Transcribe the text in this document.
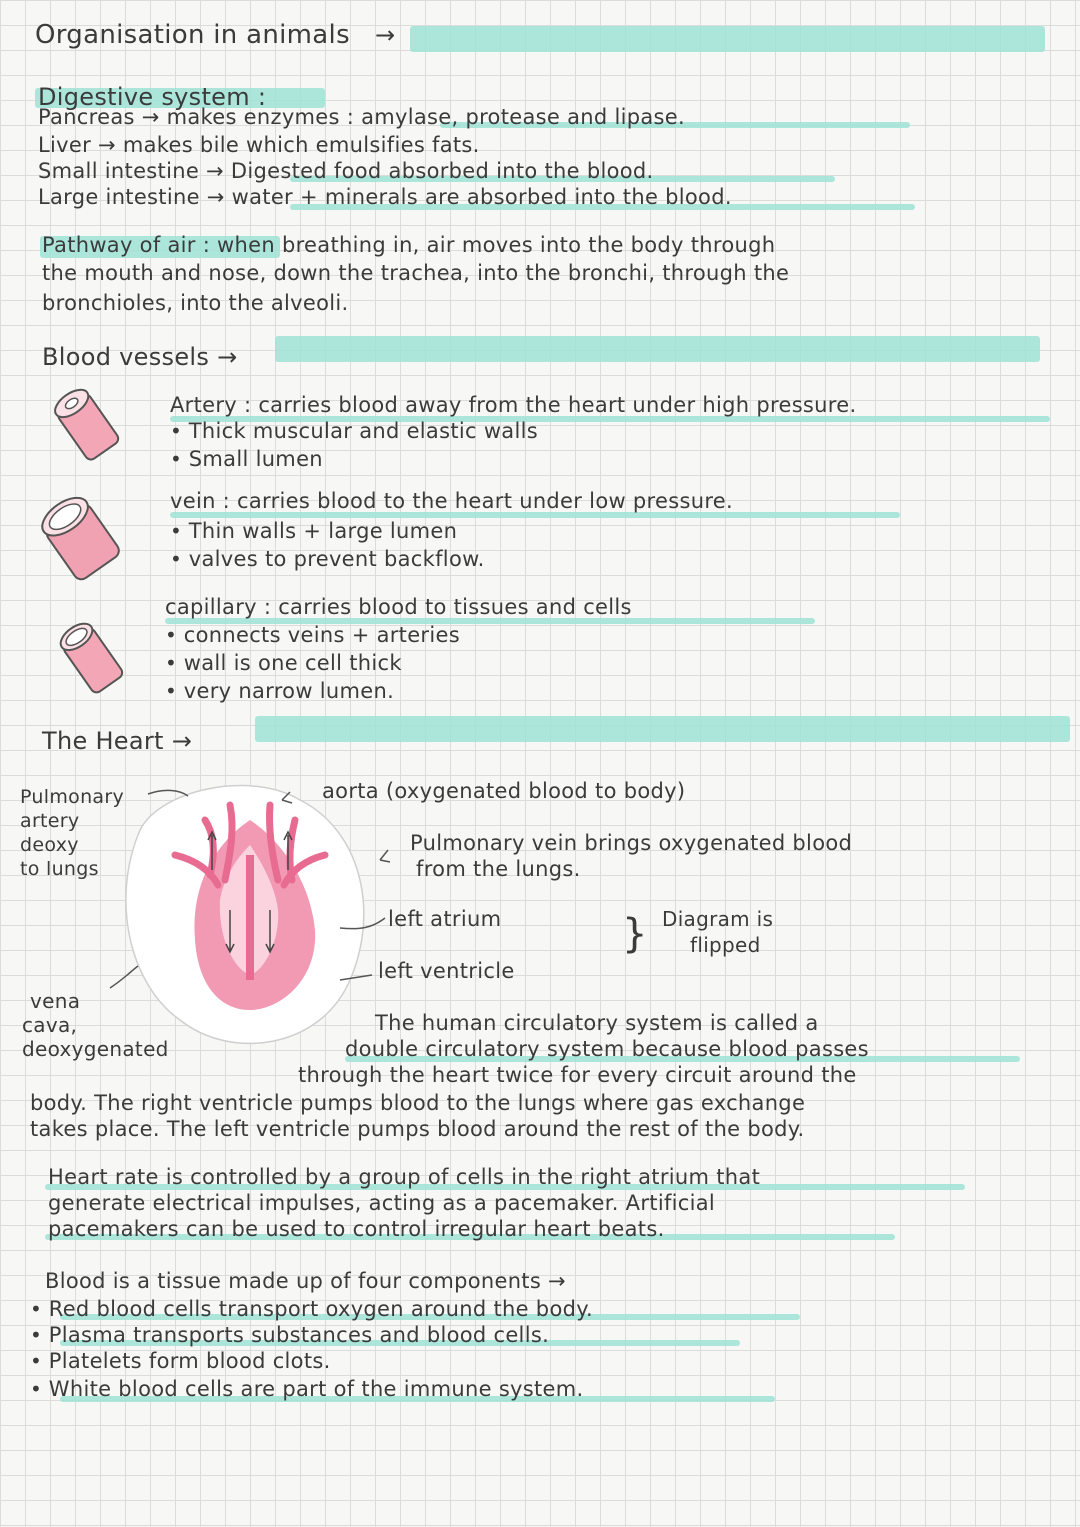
Organisation in animals →
Digestive system :
Pancreas → makes enzymes : amylase, protease and lipase.
Liver → makes bile which emulsifies fats.
Small intestine → Digested food absorbed into the blood.
Large intestine → water + minerals are absorbed into the blood.
Pathway of air : when breathing in, air moves into the body through
the mouth and nose, down the trachea, into the bronchi, through the
bronchioles, into the alveoli.
Blood vessels →
Artery : carries blood away from the heart under high pressure.
• Thick muscular and elastic walls
• Small lumen
vein : carries blood to the heart under low pressure.
• Thin walls + large lumen
• valves to prevent backflow.
capillary : carries blood to tissues and cells
• connects veins + arteries
• wall is one cell thick
• very narrow lumen.
The Heart →
Pulmonary
artery
deoxy
to lungs
aorta (oxygenated blood to body)
Pulmonary vein brings oxygenated blood
from the lungs.
left atrium
left ventricle
} Diagram is
flipped
vena
cava,
deoxygenated
The human circulatory system is called a
double circulatory system because blood passes
through the heart twice for every circuit around the
body. The right ventricle pumps blood to the lungs where gas exchange
takes place. The left ventricle pumps blood around the rest of the body.
Heart rate is controlled by a group of cells in the right atrium that
generate electrical impulses, acting as a pacemaker. Artificial
pacemakers can be used to control irregular heart beats.
Blood is a tissue made up of four components →
• Red blood cells transport oxygen around the body.
• Plasma transports substances and blood cells.
• Platelets form blood clots.
• White blood cells are part of the immune system.
